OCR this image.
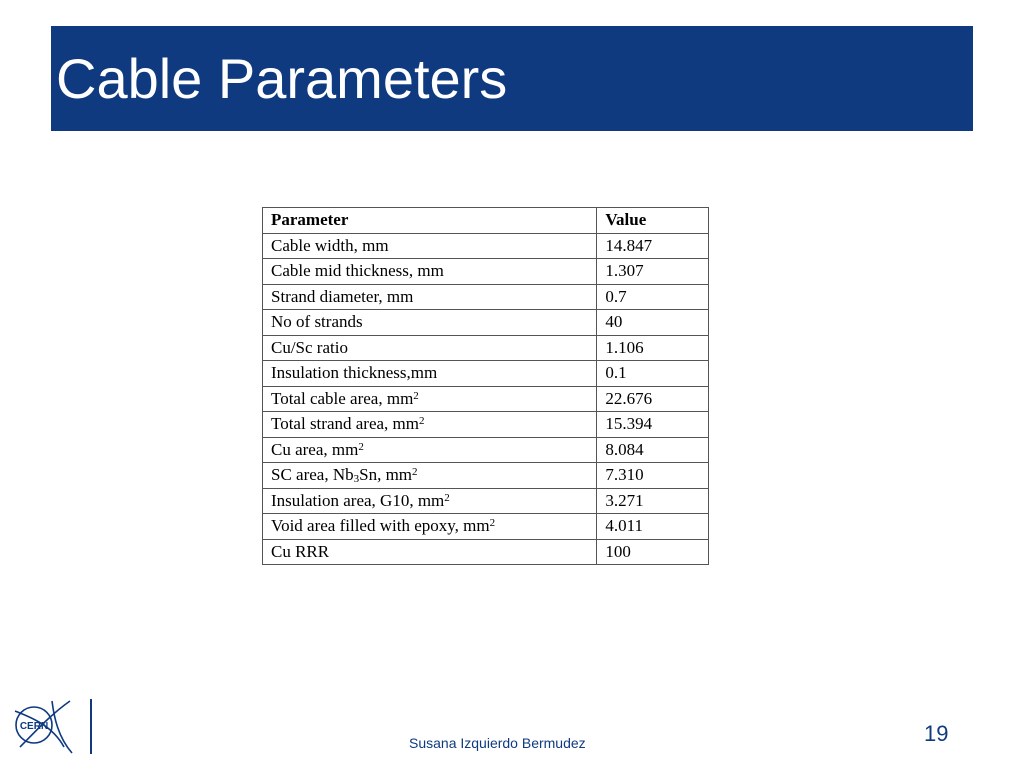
Cable Parameters
Parameter	Value
Cable width, mm	14.847
Cable mid thickness, mm	1.307
Strand diameter, mm	0.7
No of strands	40
Cu/Sc ratio	1.106
Insulation thickness,mm	0.1
Total cable area, $mm^2$	22.676
Total strand area, $mm^2$	15.394
Cu area, $mm^2$	8.084
SC area, $Nb_3Sn$, $mm^2$	7.310
Insulation area, G10, $mm^2$	3.271
Void area filled with epoxy, $mm^2$	4.011
Cu RRR	100
CERN
Susana Izquierdo Bermudez	19
